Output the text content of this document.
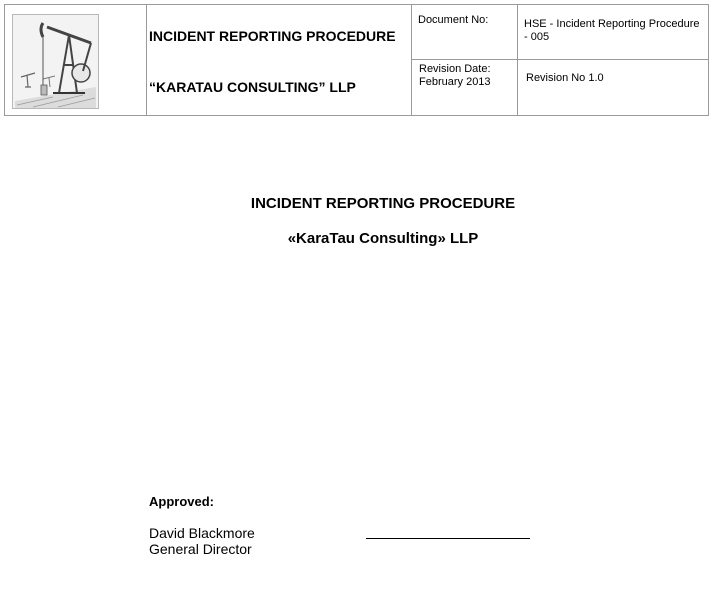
INCIDENT REPORTING PROCEDURE
“KARATAU CONSULTING” LLP
Document No:	HSE - Incident Reporting Procedure - 005
Revision Date:
February 2013	Revision No 1.0
INCIDENT REPORTING PROCEDURE
«KaraTau Consulting» LLP
Approved:
David Blackmore
General Director
